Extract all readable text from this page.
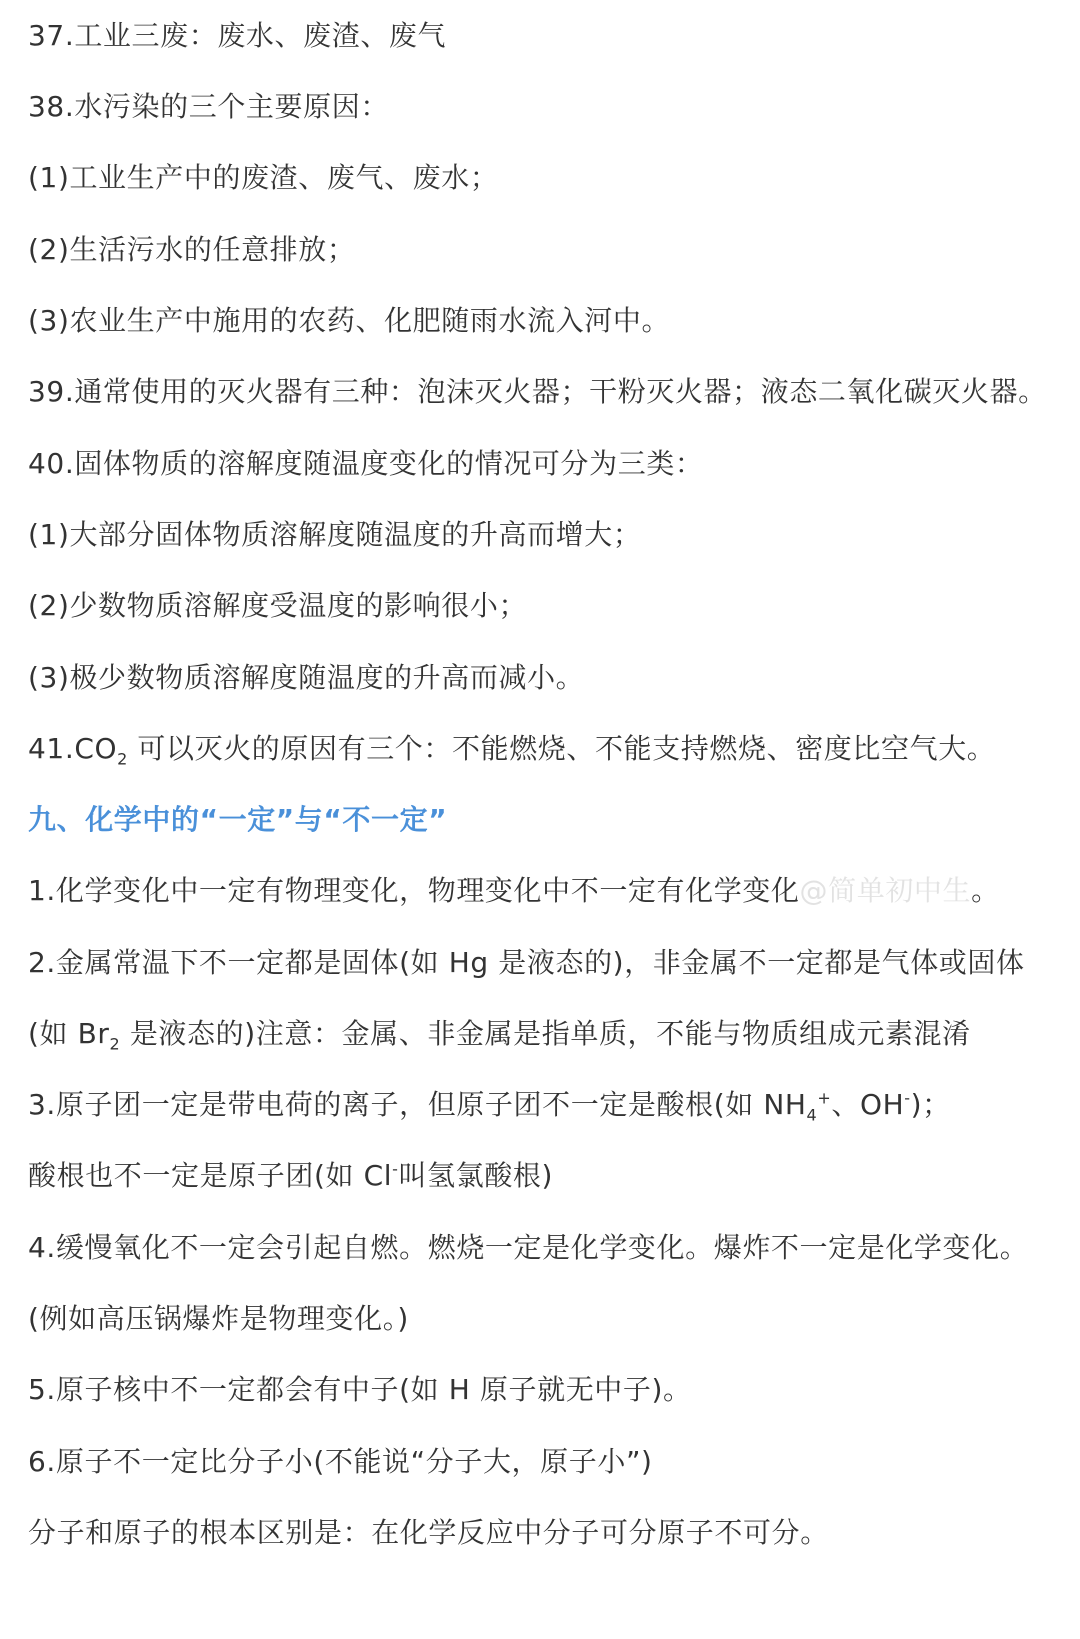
37.工业三废：废水、废渣、废气
38.水污染的三个主要原因：
(1)工业生产中的废渣、废气、废水；
(2)生活污水的任意排放；
(3)农业生产中施用的农药、化肥随雨水流入河中。
39.通常使用的灭火器有三种：泡沫灭火器；干粉灭火器；液态二氧化碳灭火器。
40.固体物质的溶解度随温度变化的情况可分为三类：
(1)大部分固体物质溶解度随温度的升高而增大；
(2)少数物质溶解度受温度的影响很小；
(3)极少数物质溶解度随温度的升高而减小。
$41.CO_2$ 可以灭火的原因有三个：不能燃烧、不能支持燃烧、密度比空气大。
九、化学中的“一定”与“不一定”
1.化学变化中一定有物理变化，物理变化中不一定有化学变化@简单初中生。
2.金属常温下不一定都是固体(如 Hg 是液态的)，非金属不一定都是气体或固体
(如 $Br_2$ 是液态的)注意：金属、非金属是指单质，不能与物质组成元素混淆
3.原子团一定是带电荷的离子，但原子团不一定是酸根(如 $NH_4^+$、OH-)；
酸根也不一定是原子团(如 Cl-叫氢氯酸根)
4.缓慢氧化不一定会引起自燃。燃烧一定是化学变化。爆炸不一定是化学变化。
(例如高压锅爆炸是物理变化。)
5.原子核中不一定都会有中子(如 H 原子就无中子)。
6.原子不一定比分子小(不能说“分子大，原子小”)
分子和原子的根本区别是：在化学反应中分子可分原子不可分。
